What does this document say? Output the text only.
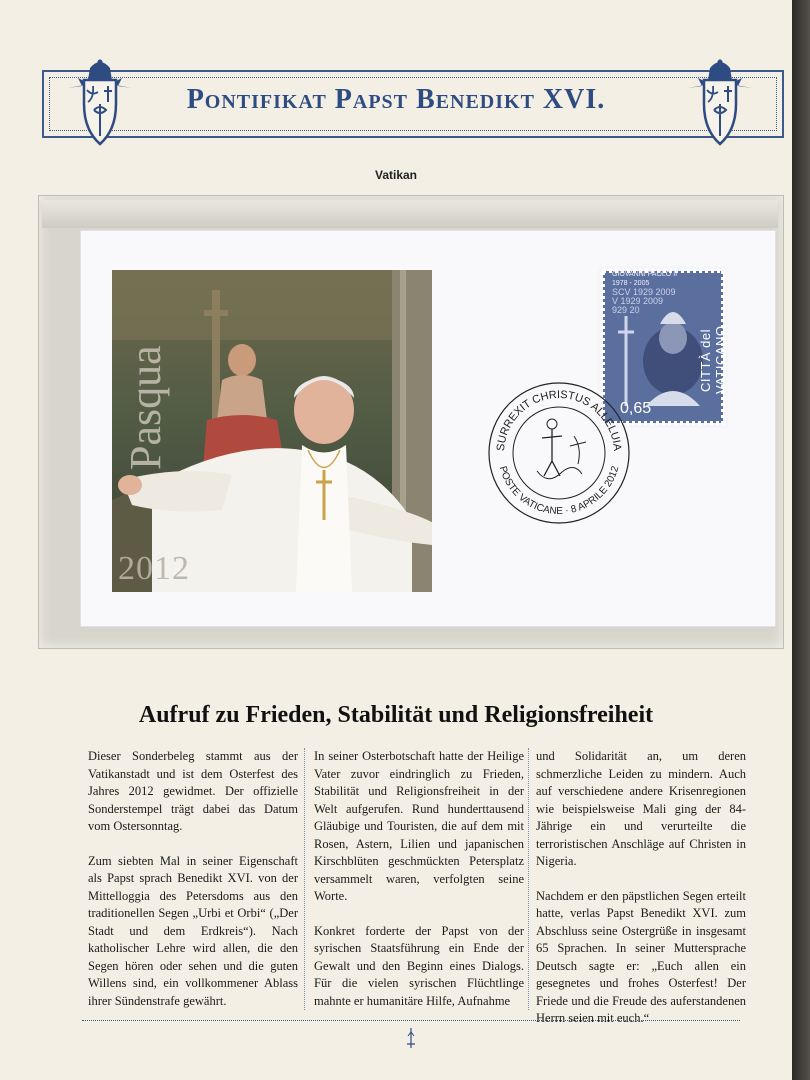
Pontifikat Papst Benedikt XVI.
Vatikan
Pasqua
2012
GIOVANNI PAOLO II
1978 - 2005
SCV 1929 2009
V 1929 2009
929 20
0,65
CITTÀ del VATICANO
SURREXIT CHRISTUS ALLELUIA
POSTE VATICANE · 8 APRILE 2012
Aufruf zu Frieden, Stabilität und Religionsfreiheit

Dieser Sonderbeleg stammt aus der Vatikanstadt und ist dem Osterfest des Jahres 2012 gewidmet. Der offizielle Sonderstempel trägt dabei das Datum vom Ostersonntag.

Zum siebten Mal in seiner Eigenschaft als Papst sprach Benedikt XVI. von der Mittelloggia des Petersdoms aus den traditionellen Segen „Urbi et Orbi“ („Der Stadt und dem Erdkreis“). Nach katholischer Lehre wird allen, die den Segen hören oder sehen und die guten Willens sind, ein vollkommener Ablass ihrer Sündenstrafe gewährt.

In seiner Osterbotschaft hatte der Heilige Vater zuvor eindringlich zu Frieden, Stabilität und Religionsfreiheit in der Welt aufgerufen. Rund hunderttausend Gläubige und Touristen, die auf dem mit Rosen, Astern, Lilien und japanischen Kirschblüten geschmückten Petersplatz versammelt waren, verfolgten seine Worte.

Konkret forderte der Papst von der syrischen Staatsführung ein Ende der Gewalt und den Beginn eines Dialogs. Für die vielen syrischen Flüchtlinge mahnte er humanitäre Hilfe, Aufnahme

und Solidarität an, um deren schmerzliche Leiden zu mindern. Auch auf verschiedene andere Krisenregionen wie beispielsweise Mali ging der 84-Jährige ein und verurteilte die terroristischen Anschläge auf Christen in Nigeria.

Nachdem er den päpstlichen Segen erteilt hatte, verlas Papst Benedikt XVI. zum Abschluss seine Ostergrüße in insgesamt 65 Sprachen. In seiner Muttersprache Deutsch sagte er: „Euch allen ein gesegnetes und frohes Osterfest! Der Friede und die Freude des auferstandenen Herrn seien mit euch.“
